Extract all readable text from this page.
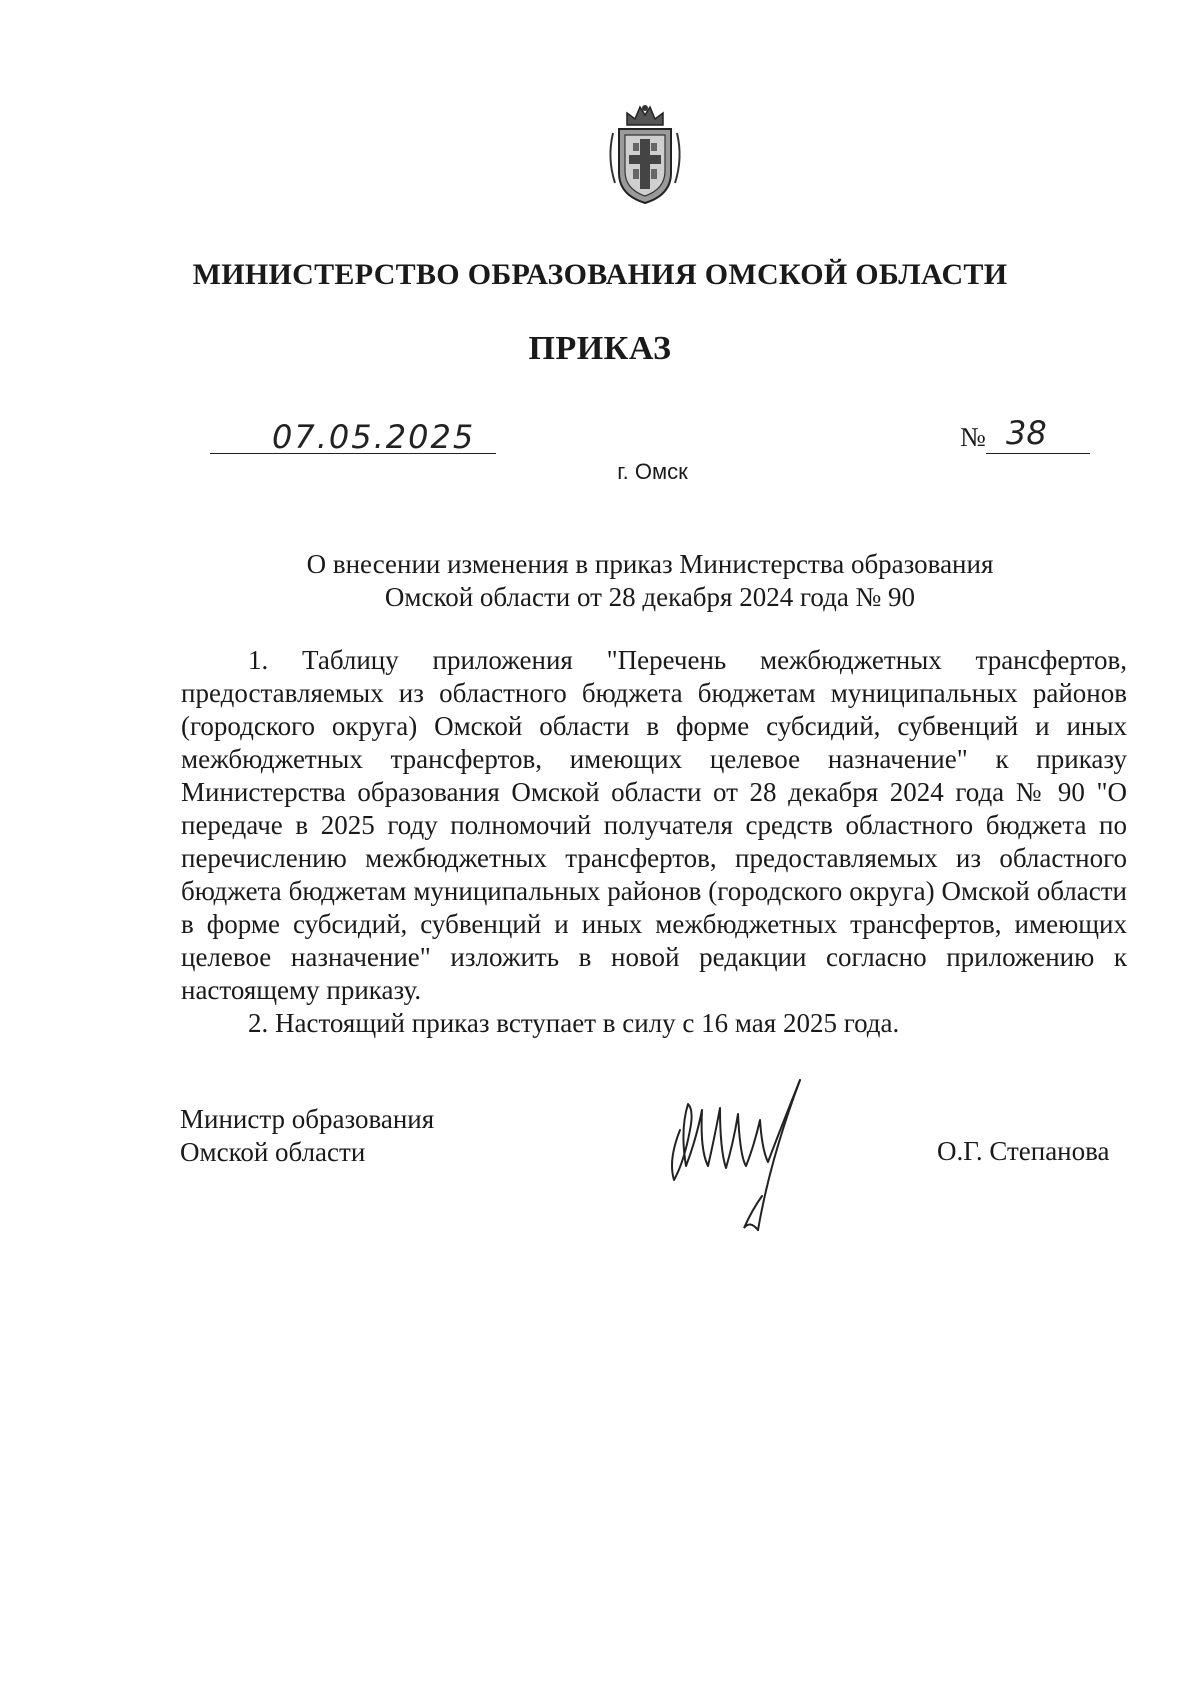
МИНИСТЕРСТВО ОБРАЗОВАНИЯ ОМСКОЙ ОБЛАСТИ
ПРИКАЗ
07.05.2025	№ 38
г. Омск
О внесении изменения в приказ Министерства образования
Омской области от 28 декабря 2024 года № 90

1. Таблицу приложения "Перечень межбюджетных трансфертов, предоставляемых из областного бюджета бюджетам муниципальных районов (городского округа) Омской области в форме субсидий, субвенций и иных межбюджетных трансфертов, имеющих целевое назначение" к приказу Министерства образования Омской области от 28 декабря 2024 года № 90 "О передаче в 2025 году полномочий получателя средств областного бюджета по перечислению межбюджетных трансфертов, предоставляемых из областного бюджета бюджетам муниципальных районов (городского округа) Омской области в форме субсидий, субвенций и иных межбюджетных трансфертов, имеющих целевое назначение" изложить в новой редакции согласно приложению к настоящему приказу.

2. Настоящий приказ вступает в силу с 16 мая 2025 года.

Министр образования
Омской области	О.Г. Степанова
